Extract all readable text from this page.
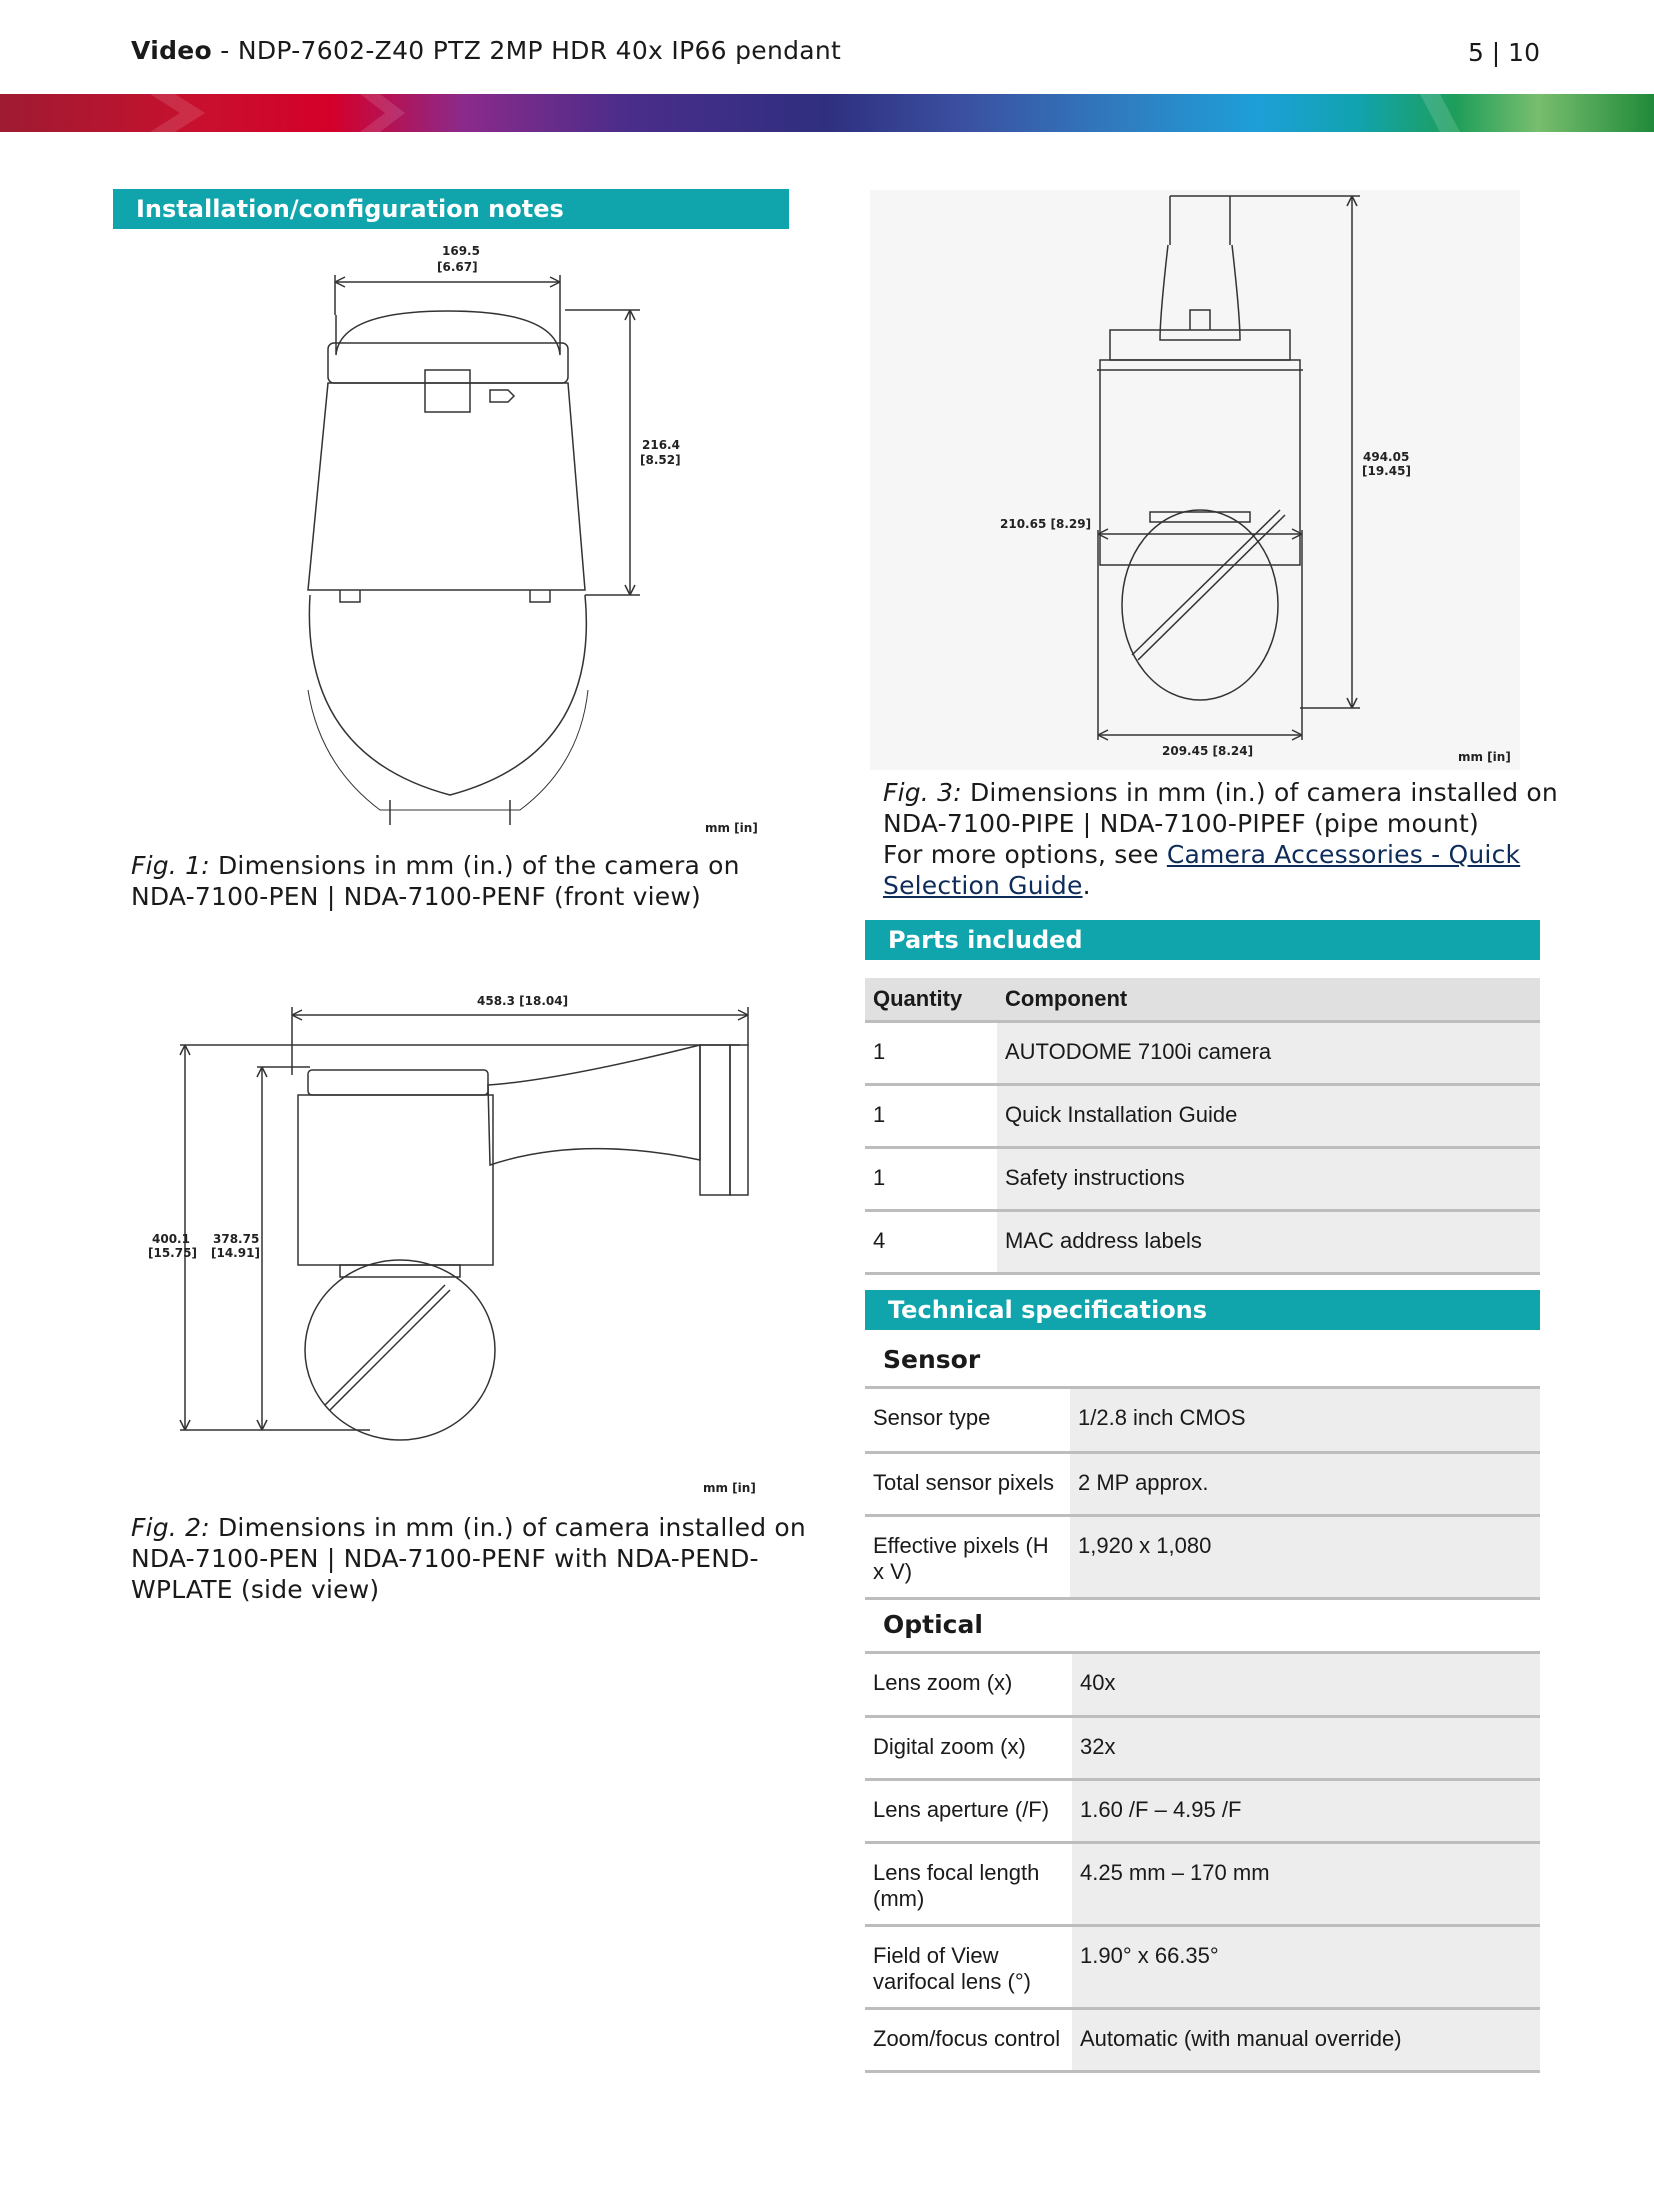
Video - NDP-7602-Z40 PTZ 2MP HDR 40x IP66 pendant	5 | 10
Installation/configuration notes
169.5
[6.67]
216.4
[8.52]
mm [in]
Fig. 1: Dimensions in mm (in.) of the camera on
NDA-7100-PEN | NDA-7100-PENF (front view)
458.3 [18.04]
400.1
[15.75]
378.75
[14.91]
mm [in]
Fig. 2: Dimensions in mm (in.) of camera installed on
NDA-7100-PEN | NDA-7100-PENF with NDA-PEND-
WPLATE (side view)
494.05
[19.45]
210.65 [8.29]
209.45 [8.24]	mm [in]
Fig. 3: Dimensions in mm (in.) of camera installed on
NDA-7100-PIPE | NDA-7100-PIPEF (pipe mount)
For more options, see Camera Accessories - Quick
Selection Guide.
Parts included
Quantity	Component
1	AUTODOME 7100i camera
1	Quick Installation Guide
1	Safety instructions
4	MAC address labels
Technical specifications
Sensor
Sensor type	1/2.8 inch CMOS
Total sensor pixels	2 MP approx.
Effective pixels (H x V)	1,920 x 1,080
Optical
Lens zoom (x)	40x
Digital zoom (x)	32x
Lens aperture (/F)	1.60 /F – 4.95 /F
Lens focal length (mm)	4.25 mm – 170 mm
Field of View varifocal lens (°)	1.90° x 66.35°
Zoom/focus control	Automatic (with manual override)
